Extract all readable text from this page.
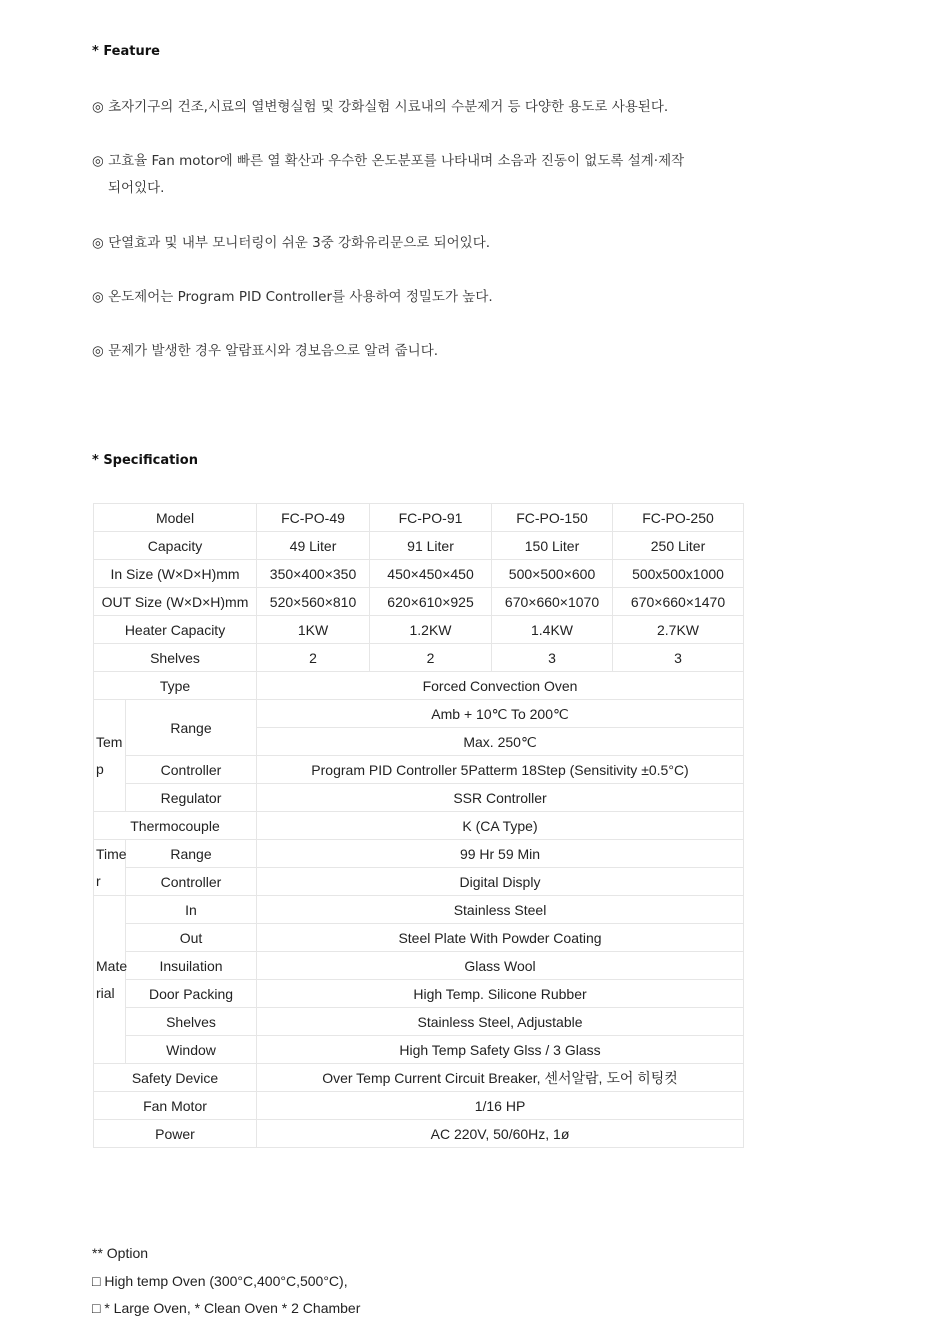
* Feature
◎ 초자기구의 건조,시료의 열변형실험 및 강화실험 시료내의 수분제거 등 다양한 용도로 사용된다.
◎ 고효율 Fan motor에 빠른 열 확산과 우수한 온도분포를 나타내며 소음과 진동이 없도록 설계·제작
되어있다.
◎ 단열효과 및 내부 모니터링이 쉬운 3중 강화유리문으로 되어있다.
◎ 온도제어는 Program PID Controller를 사용하여 정밀도가 높다.
◎ 문제가 발생한 경우 알람표시와 경보음으로 알려 줍니다.
* Specification
Model		FC-PO-49	FC-PO-91	FC-PO-150	FC-PO-250
Capacity		49 Liter	91 Liter	150 Liter	250 Liter
In Size (W×D×H)mm		350×400×350	450×450×450	500×500×600	500x500x1000
OUT Size (W×D×H)mm		520×560×810	620×610×925	670×660×1070	670×660×1470
Heater Capacity		1KW	1.2KW	1.4KW	2.7KW
Shelves		2	2	3	3
Type		Forced Convection Oven			
Tem
p	Range	Amb + 10℃ To 200℃			
		Max. 250℃			
	Controller	Program PID Controller 5Patterm 18Step (Sensitivity ±0.5°C)			
	Regulator	SSR Controller			
Thermocouple		K (CA Type)			
Time
r	Range	99 Hr 59 Min			
	Controller	Digital Disply			
Mate
rial	In	Stainless Steel			
	Out	Steel Plate With Powder Coating			
	Insuilation	Glass Wool			
	Door Packing	High Temp. Silicone Rubber			
	Shelves	Stainless Steel, Adjustable			
	Window	High Temp Safety Glss / 3 Glass			
Safety Device		Over Temp Current Circuit Breaker, 센서알람, 도어 히팅컷			
Fan Motor		1/16 HP			
Power		AC 220V, 50/60Hz, 1ø			
** Option
□ High temp Oven (300°C,400°C,500°C),
□ * Large Oven, * Clean Oven * 2 Chamber
